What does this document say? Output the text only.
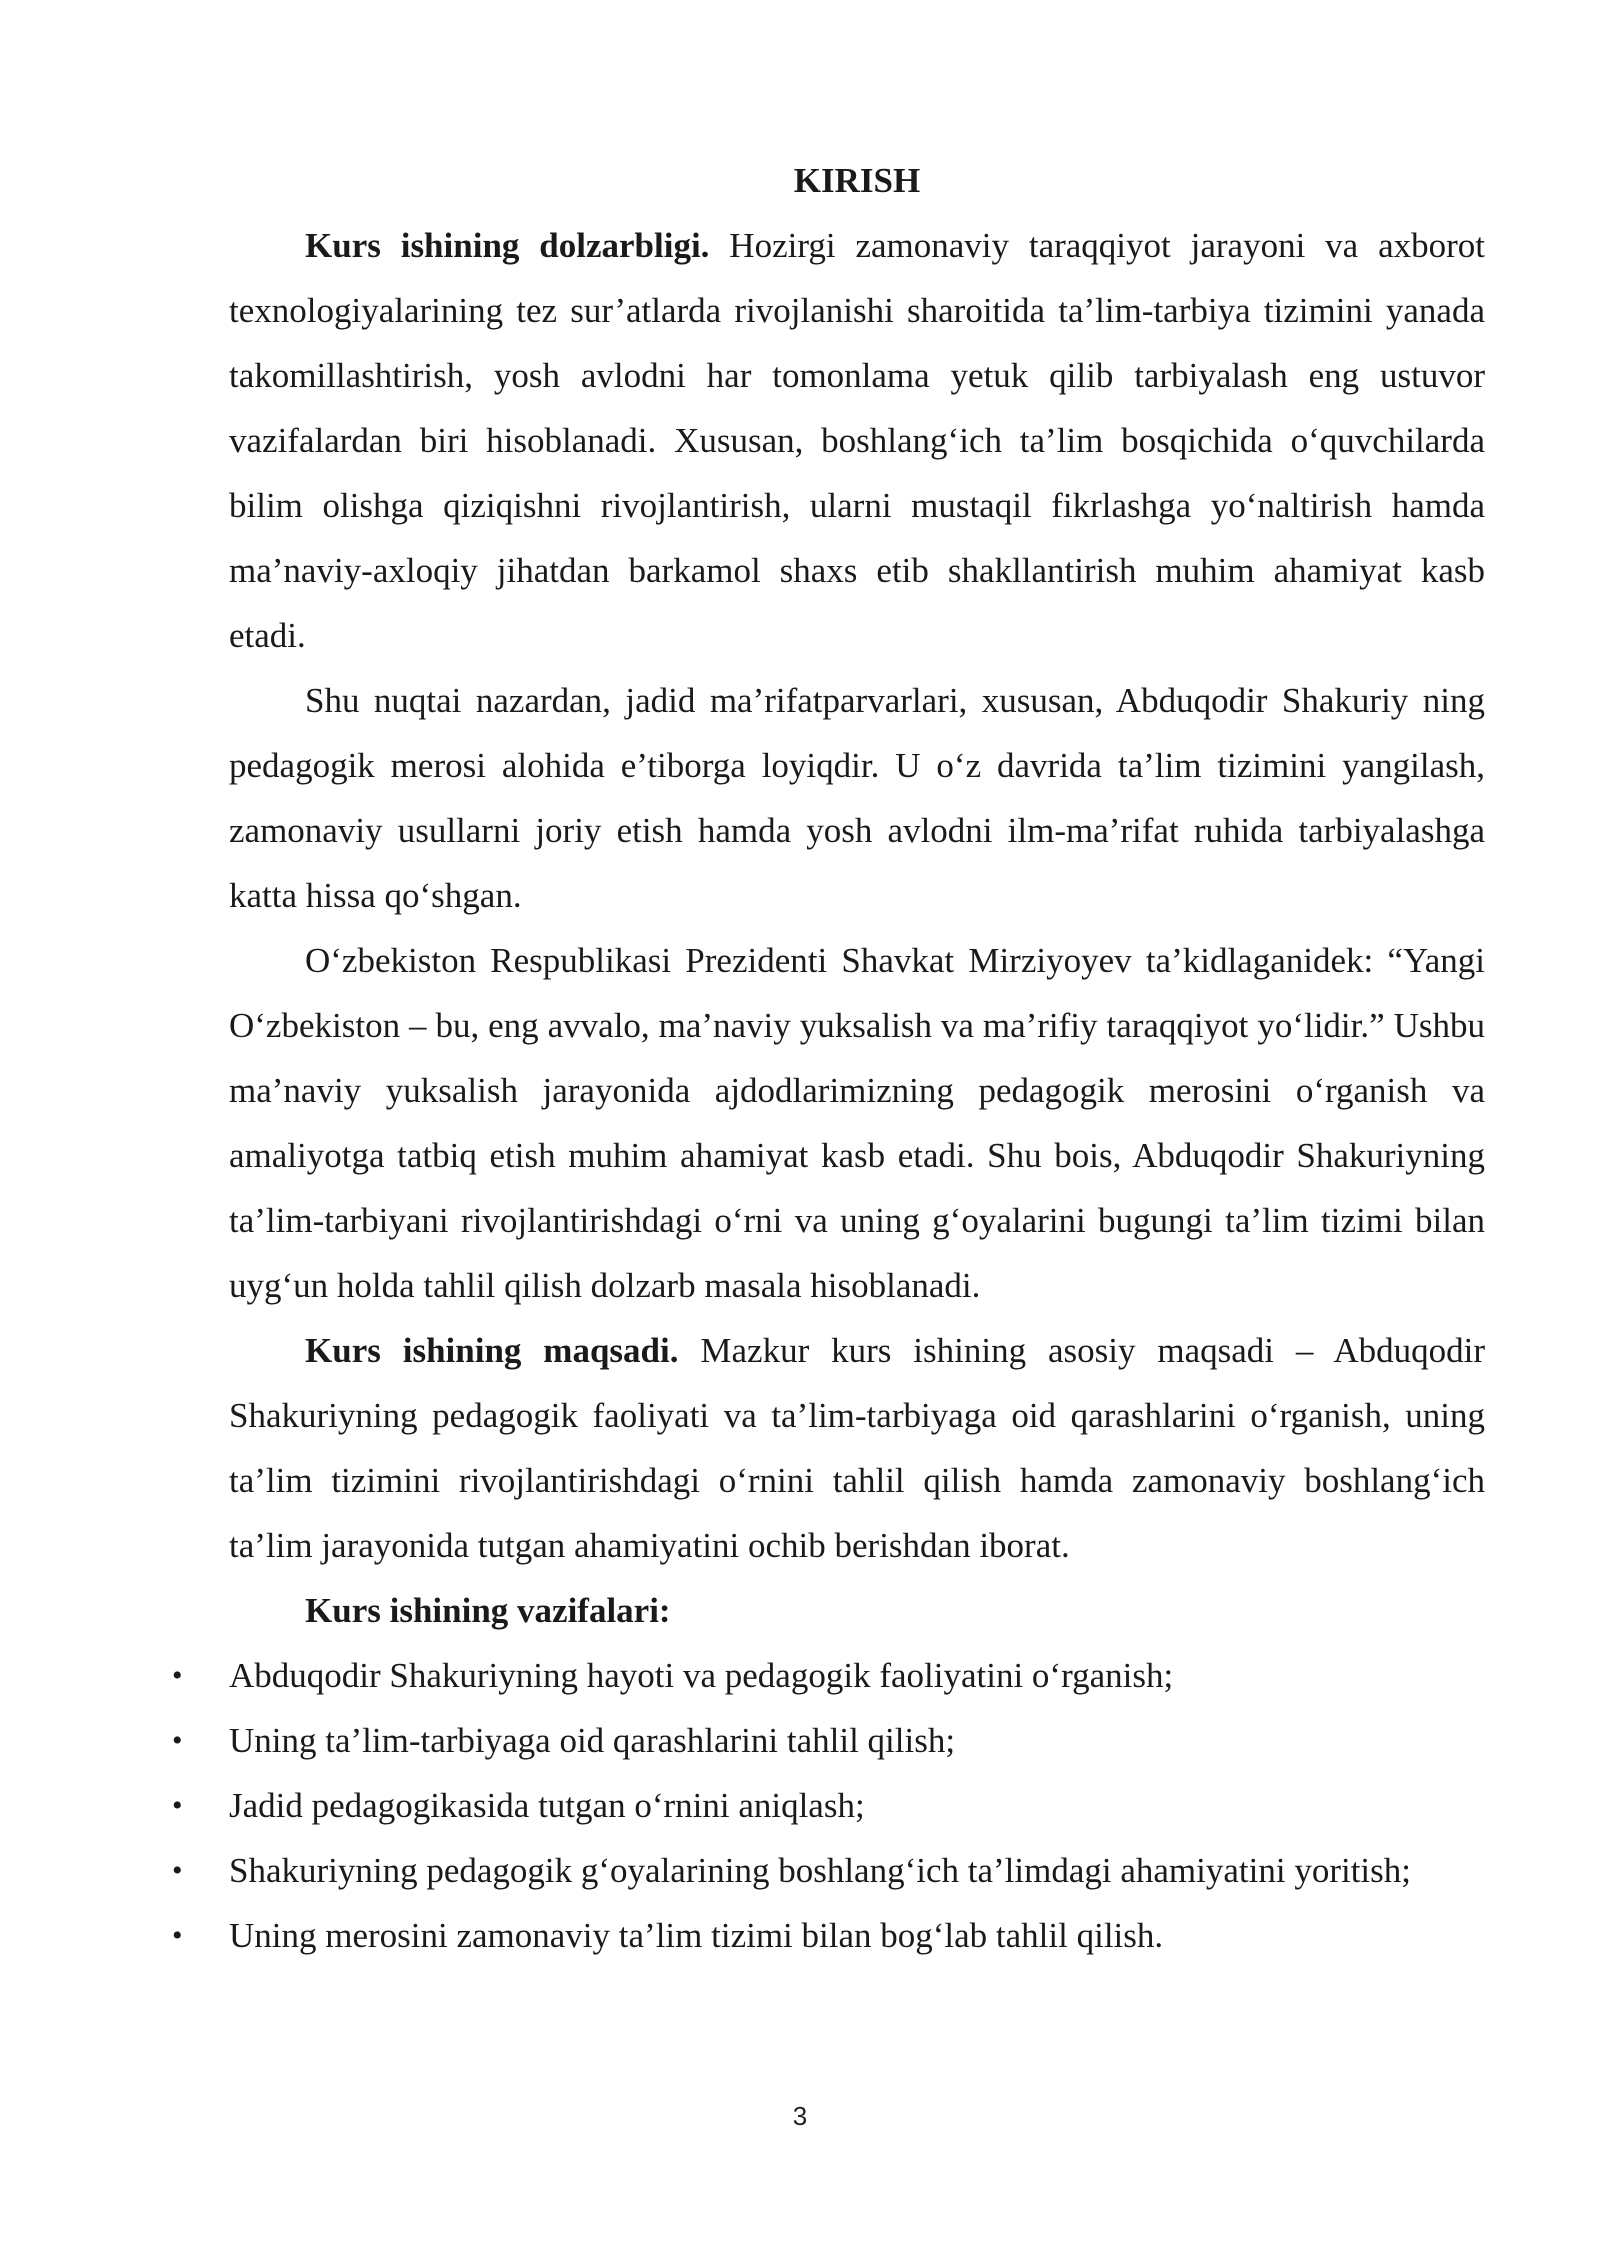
KIRISH

Kurs ishining dolzarbligi. Hozirgi zamonaviy taraqqiyot jarayoni va axborot texnologiyalarining tez sur’atlarda rivojlanishi sharoitida ta’lim-tarbiya tizimini yanada takomillashtirish, yosh avlodni har tomonlama yetuk qilib tarbiyalash eng ustuvor vazifalardan biri hisoblanadi. Xususan, boshlang‘ich ta’lim bosqichida o‘quvchilarda bilim olishga qiziqishni rivojlantirish, ularni mustaqil fikrlashga yo‘naltirish hamda ma’naviy-axloqiy jihatdan barkamol shaxs etib shakllantirish muhim ahamiyat kasb etadi.

Shu nuqtai nazardan, jadid ma’rifatparvarlari, xususan, Abduqodir Shakuriy ning pedagogik merosi alohida e’tiborga loyiqdir. U o‘z davrida ta’lim tizimini yangilash, zamonaviy usullarni joriy etish hamda yosh avlodni ilm-ma’rifat ruhida tarbiyalashga katta hissa qo‘shgan.

O‘zbekiston Respublikasi Prezidenti Shavkat Mirziyoyev ta’kidlaganidek: “Yangi O‘zbekiston – bu, eng avvalo, ma’naviy yuksalish va ma’rifiy taraqqiyot yo‘lidir.” Ushbu ma’naviy yuksalish jarayonida ajdodlarimizning pedagogik merosini o‘rganish va amaliyotga tatbiq etish muhim ahamiyat kasb etadi. Shu bois, Abduqodir Shakuriyning ta’lim-tarbiyani rivojlantirishdagi o‘rni va uning g‘oyalarini bugungi ta’lim tizimi bilan uyg‘un holda tahlil qilish dolzarb masala hisoblanadi.

Kurs ishining maqsadi. Mazkur kurs ishining asosiy maqsadi – Abduqodir Shakuriyning pedagogik faoliyati va ta’lim-tarbiyaga oid qarashlarini o‘rganish, uning ta’lim tizimini rivojlantirishdagi o‘rnini tahlil qilish hamda zamonaviy boshlang‘ich ta’lim jarayonida tutgan ahamiyatini ochib berishdan iborat.

Kurs ishining vazifalari:

• Abduqodir Shakuriyning hayoti va pedagogik faoliyatini o‘rganish;
• Uning ta’lim-tarbiyaga oid qarashlarini tahlil qilish;
• Jadid pedagogikasida tutgan o‘rnini aniqlash;
• Shakuriyning pedagogik g‘oyalarining boshlang‘ich ta’limdagi ahamiyatini yoritish;
• Uning merosini zamonaviy ta’lim tizimi bilan bog‘lab tahlil qilish.
3
